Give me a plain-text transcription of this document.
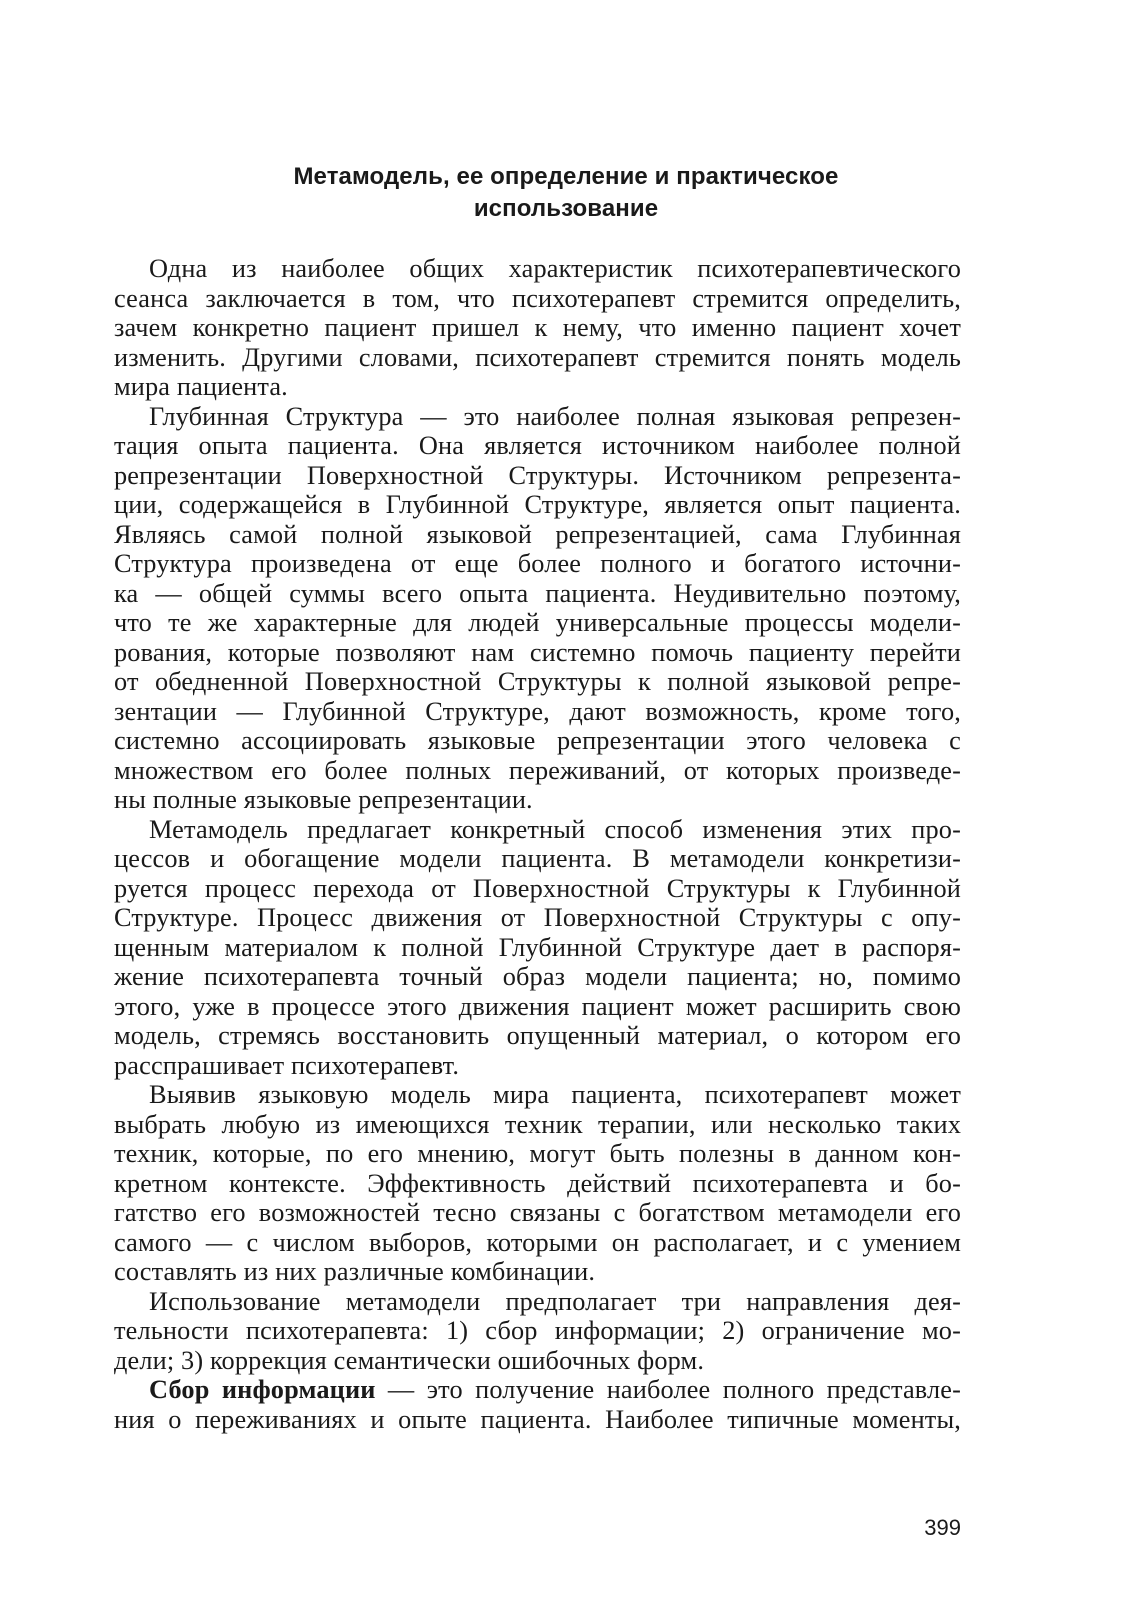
Метамодель, ее определение и практическое
использование
Одна из наиболее общих характеристик психотерапевтического
сеанса заключается в том, что психотерапевт стремится определить,
зачем конкретно пациент пришел к нему, что именно пациент хочет
изменить. Другими словами, психотерапевт стремится понять модель
мира пациента.
Глубинная Структура — это наиболее полная языковая репрезен-
тация опыта пациента. Она является источником наиболее полной
репрезентации Поверхностной Структуры. Источником репрезента-
ции, содержащейся в Глубинной Структуре, является опыт пациента.
Являясь самой полной языковой репрезентацией, сама Глубинная
Структура произведена от еще более полного и богатого источни-
ка — общей суммы всего опыта пациента. Неудивительно поэтому,
что те же характерные для людей универсальные процессы модели-
рования, которые позволяют нам системно помочь пациенту перейти
от обедненной Поверхностной Структуры к полной языковой репре-
зентации — Глубинной Структуре, дают возможность, кроме того,
системно ассоциировать языковые репрезентации этого человека с
множеством его более полных переживаний, от которых произведе-
ны полные языковые репрезентации.
Метамодель предлагает конкретный способ изменения этих про-
цессов и обогащение модели пациента. В метамодели конкретизи-
руется процесс перехода от Поверхностной Структуры к Глубинной
Структуре. Процесс движения от Поверхностной Структуры с опу-
щенным материалом к полной Глубинной Структуре дает в распоря-
жение психотерапевта точный образ модели пациента; но, помимо
этого, уже в процессе этого движения пациент может расширить свою
модель, стремясь восстановить опущенный материал, о котором его
расспрашивает психотерапевт.
Выявив языковую модель мира пациента, психотерапевт может
выбрать любую из имеющихся техник терапии, или несколько таких
техник, которые, по его мнению, могут быть полезны в данном кон-
кретном контексте. Эффективность действий психотерапевта и бо-
гатство его возможностей тесно связаны с богатством метамодели его
самого — с числом выборов, которыми он располагает, и с умением
составлять из них различные комбинации.
Использование метамодели предполагает три направления дея-
тельности психотерапевта: 1) сбор информации; 2) ограничение мо-
дели; 3) коррекция семантически ошибочных форм.
Сбор информации — это получение наиболее полного представле-
ния о переживаниях и опыте пациента. Наиболее типичные моменты,
399
